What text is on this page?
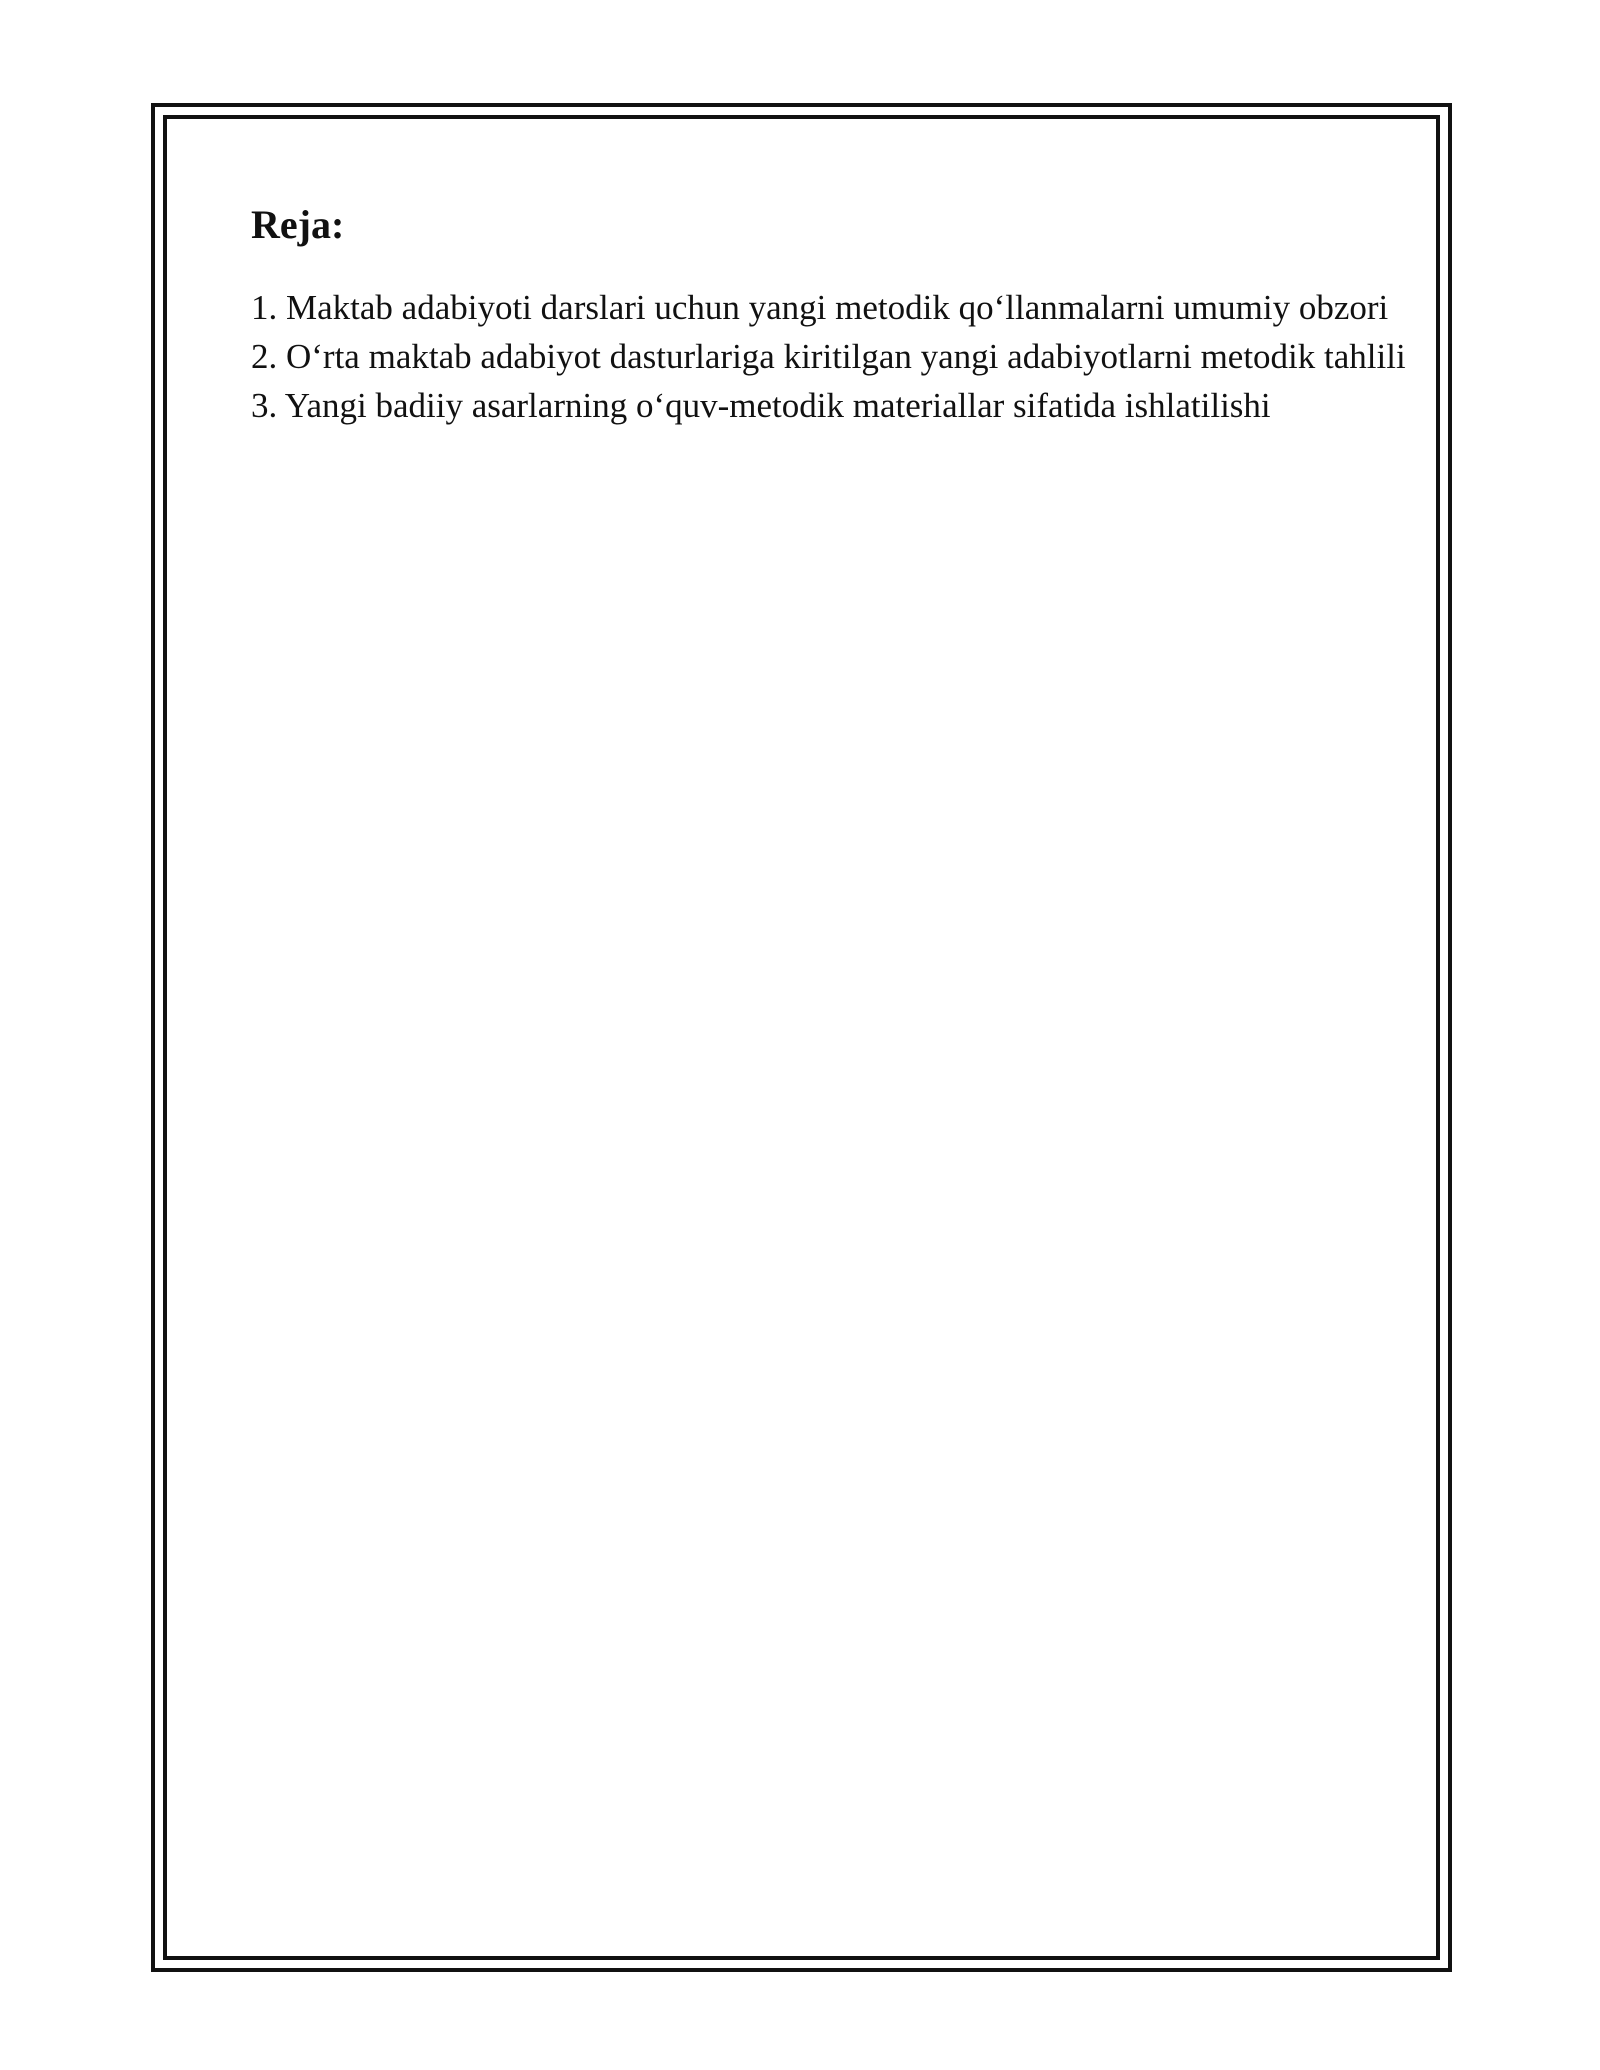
Reja:
1. Maktab adabiyoti darslari uchun yangi metodik qo‘llanmalarni umumiy obzori
2. O‘rta maktab adabiyot dasturlariga kiritilgan yangi adabiyotlarni metodik tahlili
3. Yangi badiiy asarlarning o‘quv-metodik materiallar sifatida ishlatilishi
